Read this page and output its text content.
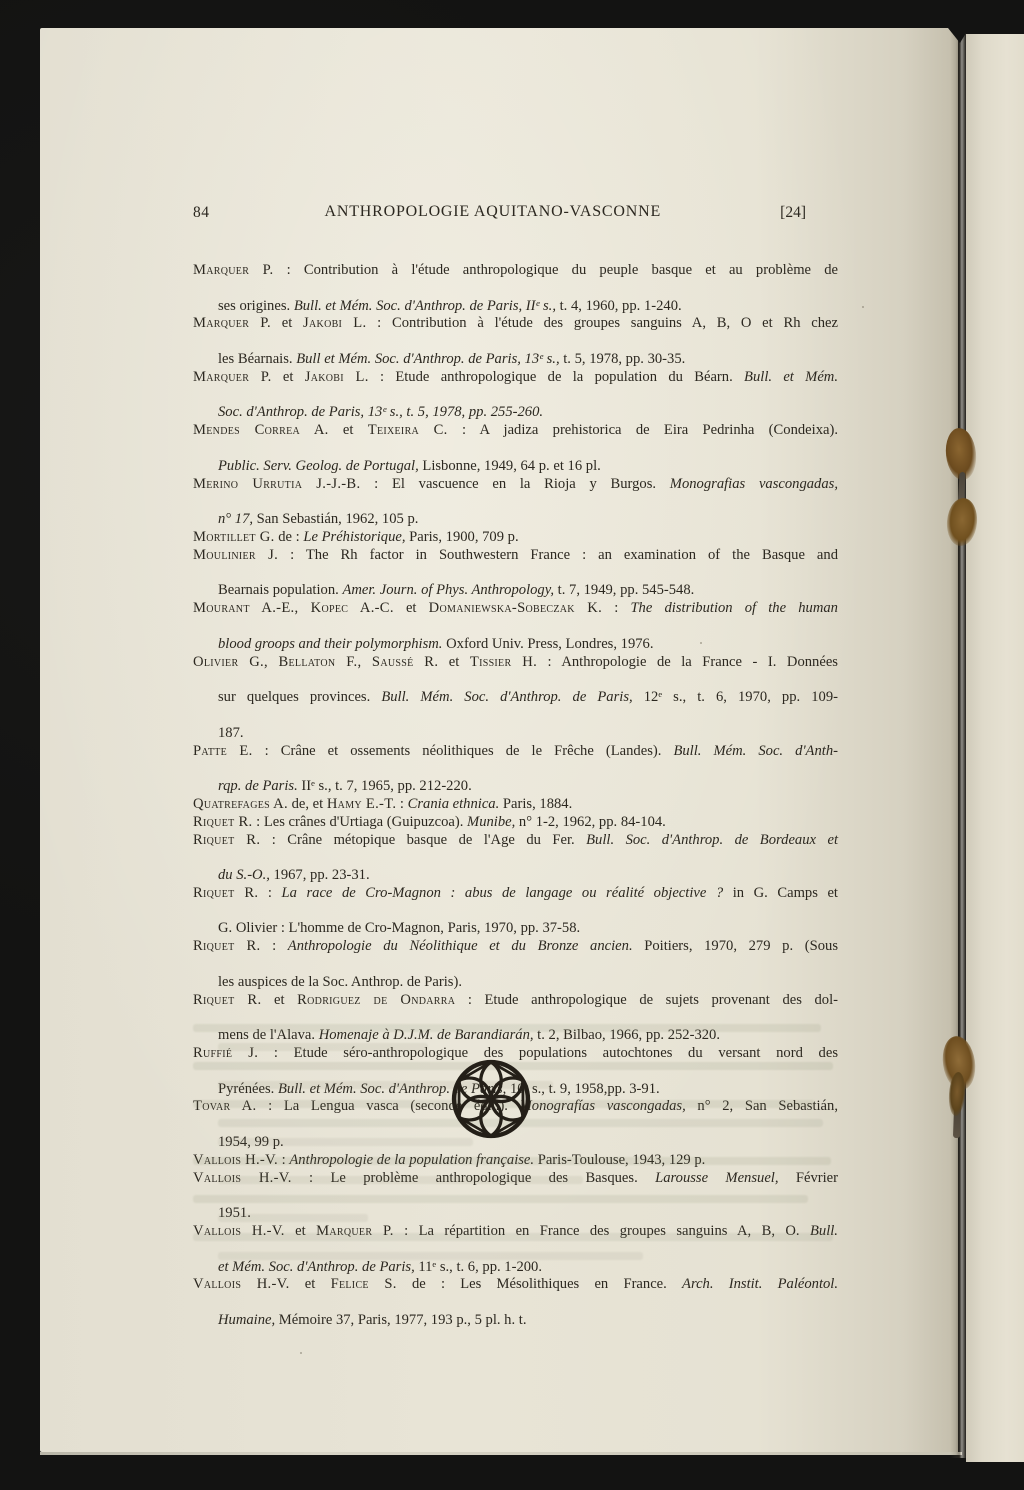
84	ANTHROPOLOGIE AQUITANO-VASCONNE	[24]
Marquer P. : Contribution à l'étude anthropologique du peuple basque et au problème de
ses origines. Bull. et Mém. Soc. d'Anthrop. de Paris, IIᵉ s., t. 4, 1960, pp. 1-240.
Marquer P. et Jakobi L. : Contribution à l'étude des groupes sanguins A, B, O et Rh chez
les Béarnais. Bull et Mém. Soc. d'Anthrop. de Paris, 13ᵉ s., t. 5, 1978, pp. 30-35.
Marquer P. et Jakobi L. : Etude anthropologique de la population du Béarn. Bull. et Mém.
Soc. d'Anthrop. de Paris, 13ᵉ s., t. 5, 1978, pp. 255-260.
Mendes Correa A. et Teixeira C. : A jadiza prehistorica de Eira Pedrinha (Condeixa).
Public. Serv. Geolog. de Portugal, Lisbonne, 1949, 64 p. et 16 pl.
Merino Urrutia J.-J.-B. : El vascuence en la Rioja y Burgos. Monografias vascongadas,
n° 17, San Sebastián, 1962, 105 p.
Mortillet G. de : Le Préhistorique, Paris, 1900, 709 p.
Moulinier J. : The Rh factor in Southwestern France : an examination of the Basque and
Bearnais population. Amer. Journ. of Phys. Anthropology, t. 7, 1949, pp. 545-548.
Mourant A.-E., Kopec A.-C. et Domaniewska-Sobeczak K. : The distribution of the human
blood groops and their polymorphism. Oxford Univ. Press, Londres, 1976.
Olivier G., Bellaton F., Saussé R. et Tissier H. : Anthropologie de la France - I. Données
sur quelques provinces. Bull. Mém. Soc. d'Anthrop. de Paris, 12ᵉ s., t. 6, 1970, pp. 109-
187.
Patte E. : Crâne et ossements néolithiques de le Frêche (Landes). Bull. Mém. Soc. d'Anth-
rqp. de Paris. IIᵉ s., t. 7, 1965, pp. 212-220.
Quatrefages A. de, et Hamy E.-T. : Crania ethnica. Paris, 1884.
Riquet R. : Les crânes d'Urtiaga (Guipuzcoa). Munibe, n° 1-2, 1962, pp. 84-104.
Riquet R. : Crâne métopique basque de l'Age du Fer. Bull. Soc. d'Anthrop. de Bordeaux et
du S.-O., 1967, pp. 23-31.
Riquet R. : La race de Cro-Magnon : abus de langage ou réalité objective ? in G. Camps et
G. Olivier : L'homme de Cro-Magnon, Paris, 1970, pp. 37-58.
Riquet R. : Anthropologie du Néolithique et du Bronze ancien. Poitiers, 1970, 279 p. (Sous
les auspices de la Soc. Anthrop. de Paris).
Riquet R. et Rodriguez de Ondarra : Etude anthropologique de sujets provenant des dol-
mens de l'Alava. Homenaje à D.J.M. de Barandiarán, t. 2, Bilbao, 1966, pp. 252-320.
Ruffié J. : Etude séro-anthropologique des populations autochtones du versant nord des
Pyrénées. Bull. et Mém. Soc. d'Anthrop. de Paris, 10ᵉ s., t. 9, 1958,pp. 3-91.
Tovar A. : La Lengua vasca (seconde édit.). Monografías vascongadas, n° 2, San Sebastián,
1954, 99 p.
Vallois H.-V. : Anthropologie de la population française. Paris-Toulouse, 1943, 129 p.
Vallois H.-V. : Le problème anthropologique des Basques. Larousse Mensuel, Février
1951.
Vallois H.-V. et Marquer P. : La répartition en France des groupes sanguins A, B, O. Bull.
et Mém. Soc. d'Anthrop. de Paris, 11ᵉ s., t. 6, pp. 1-200.
Vallois H.-V. et Felice S. de : Les Mésolithiques en France. Arch. Instit. Paléontol.
Humaine, Mémoire 37, Paris, 1977, 193 p., 5 pl. h. t.
